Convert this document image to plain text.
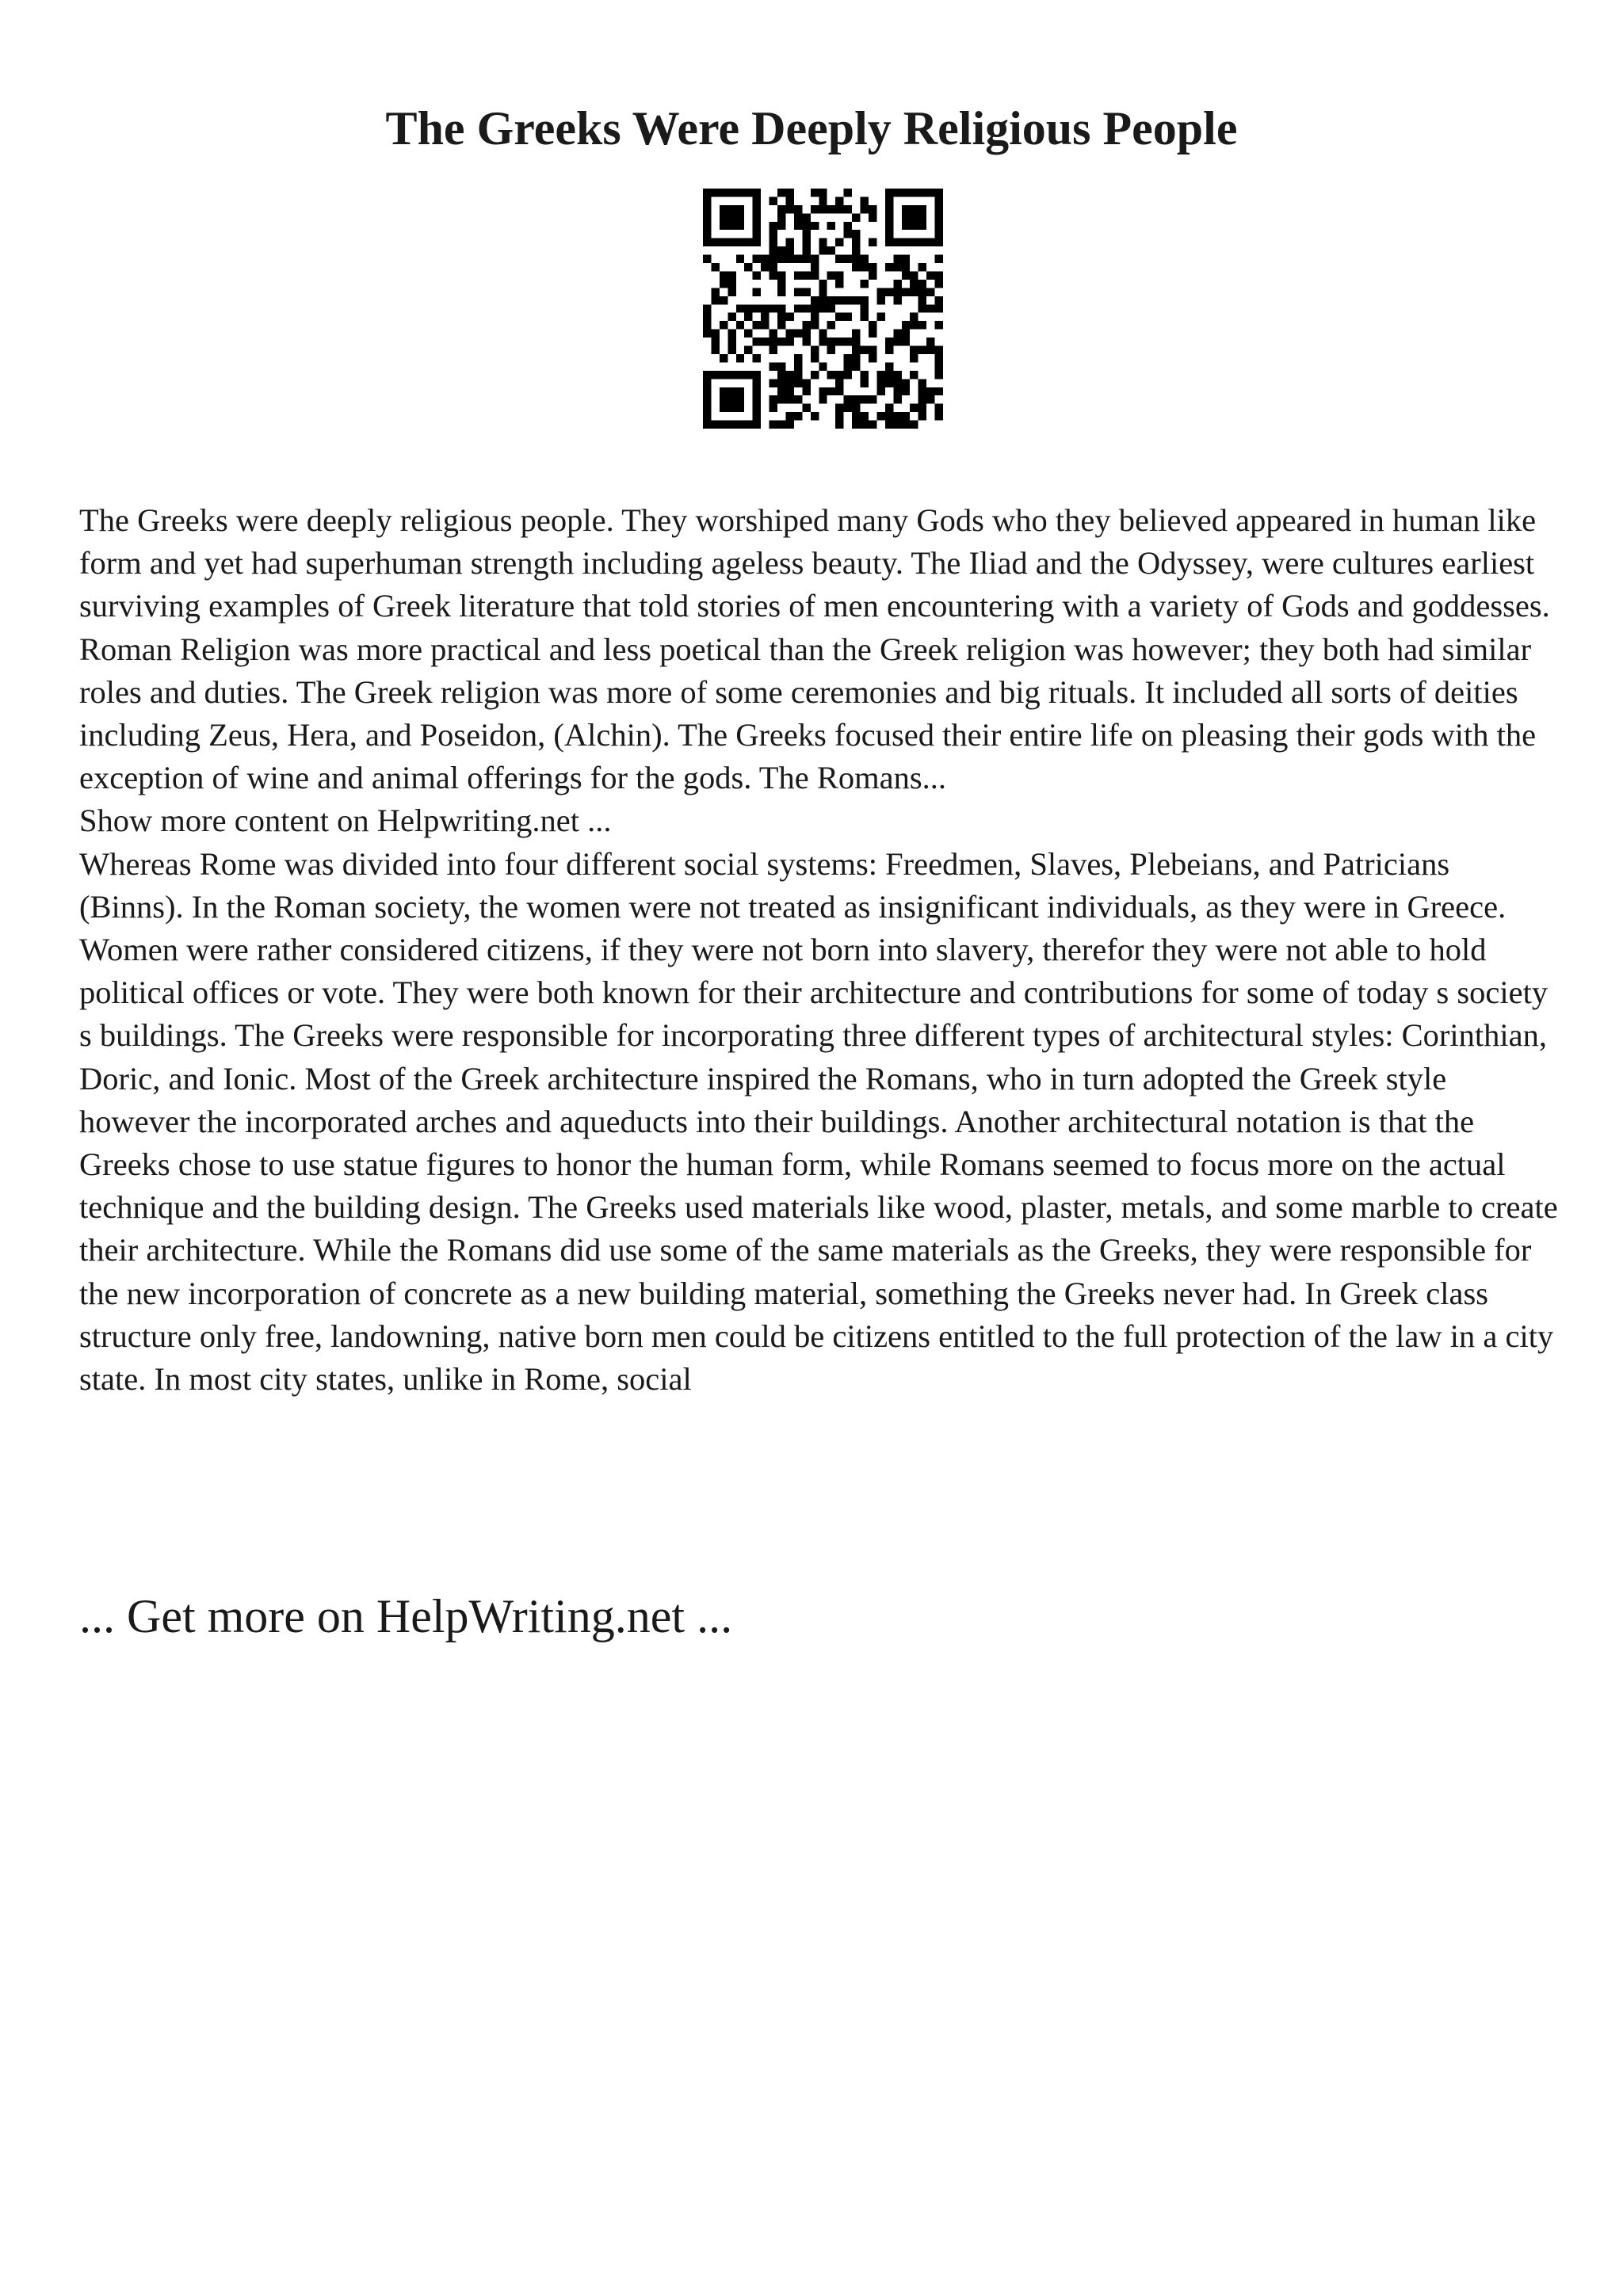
The Greeks Were Deeply Religious People

The Greeks were deeply religious people. They worshiped many Gods who they believed appeared in human like form and yet had superhuman strength including ageless beauty. The Iliad and the Odyssey, were cultures earliest surviving examples of Greek literature that told stories of men encountering with a variety of Gods and goddesses. Roman Religion was more practical and less poetical than the Greek religion was however; they both had similar roles and duties. The Greek religion was more of some ceremonies and big rituals. It included all sorts of deities including Zeus, Hera, and Poseidon, (Alchin). The Greeks focused their entire life on pleasing their gods with the exception of wine and animal offerings for the gods. The Romans...

Show more content on Helpwriting.net ...

Whereas Rome was divided into four different social systems: Freedmen, Slaves, Plebeians, and Patricians (Binns). In the Roman society, the women were not treated as insignificant individuals, as they were in Greece. Women were rather considered citizens, if they were not born into slavery, therefor they were not able to hold political offices or vote. They were both known for their architecture and contributions for some of today s society s buildings. The Greeks were responsible for incorporating three different types of architectural styles: Corinthian, Doric, and Ionic. Most of the Greek architecture inspired the Romans, who in turn adopted the Greek style however the incorporated arches and aqueducts into their buildings. Another architectural notation is that the Greeks chose to use statue figures to honor the human form, while Romans seemed to focus more on the actual technique and the building design. The Greeks used materials like wood, plaster, metals, and some marble to create their architecture. While the Romans did use some of the same materials as the Greeks, they were responsible for the new incorporation of concrete as a new building material, something the Greeks never had. In Greek class structure only free, landowning, native born men could be citizens entitled to the full protection of the law in a city state. In most city states, unlike in Rome, social

... Get more on HelpWriting.net ...
